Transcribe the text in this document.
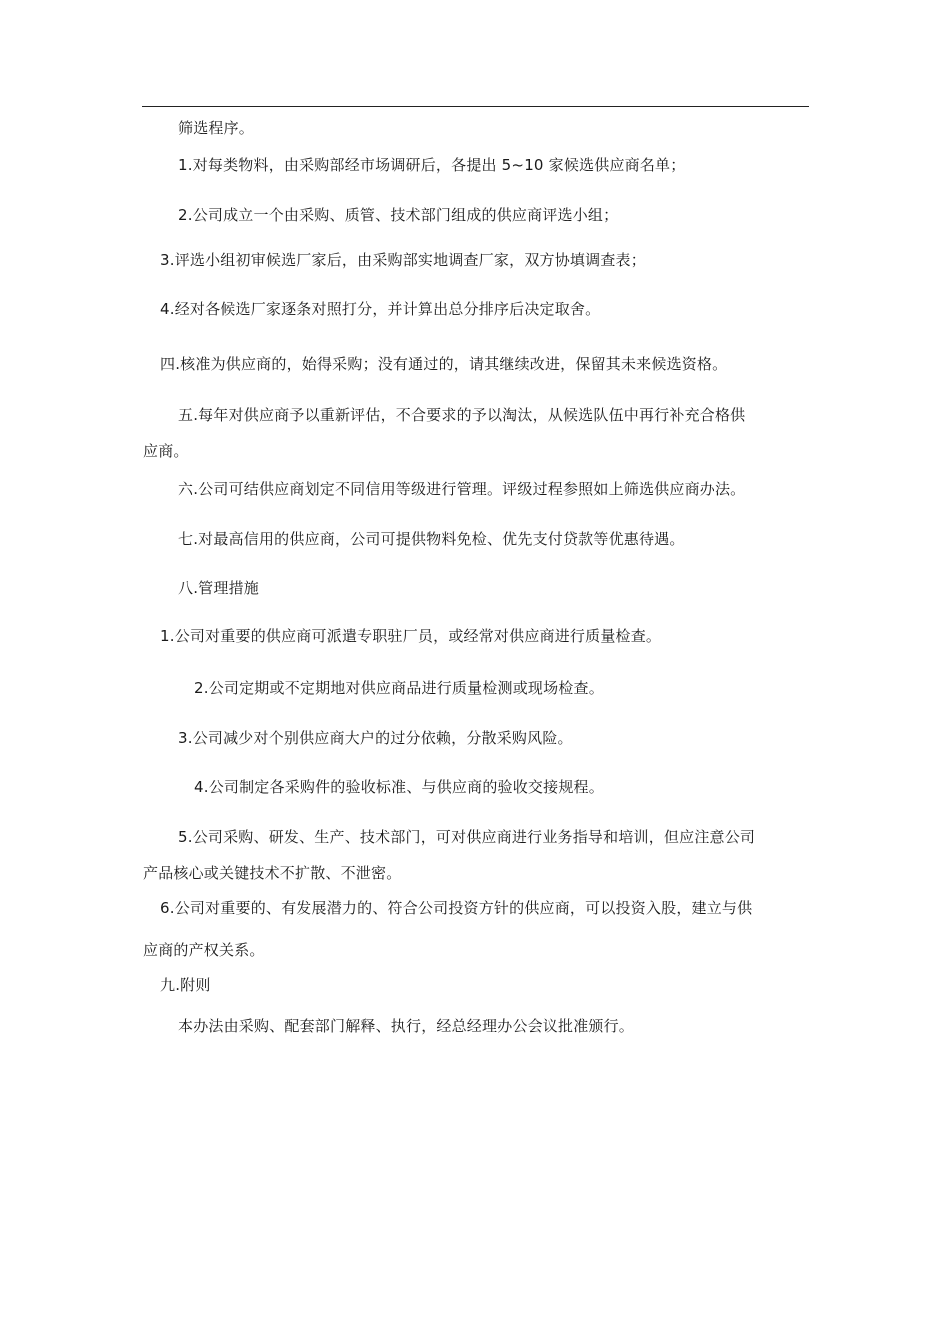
筛选程序。
1.对每类物料，由采购部经市场调研后，各提出 5~10 家候选供应商名单；
2.公司成立一个由采购、质管、技术部门组成的供应商评选小组；
3.评选小组初审候选厂家后，由采购部实地调查厂家，双方协填调查表；
4.经对各候选厂家逐条对照打分，并计算出总分排序后决定取舍。
四.核准为供应商的，始得采购；没有通过的，请其继续改进，保留其未来候选资格。
五.每年对供应商予以重新评估，不合要求的予以淘汰，从候选队伍中再行补充合格供
应商。
六.公司可结供应商划定不同信用等级进行管理。评级过程参照如上筛选供应商办法。
七.对最高信用的供应商，公司可提供物料免检、优先支付贷款等优惠待遇。
八.管理措施
1.公司对重要的供应商可派遣专职驻厂员，或经常对供应商进行质量检查。
2.公司定期或不定期地对供应商品进行质量检测或现场检查。
3.公司减少对个别供应商大户的过分依赖，分散采购风险。
4.公司制定各采购件的验收标准、与供应商的验收交接规程。
5.公司采购、研发、生产、技术部门，可对供应商进行业务指导和培训，但应注意公司
产品核心或关键技术不扩散、不泄密。
6.公司对重要的、有发展潜力的、符合公司投资方针的供应商，可以投资入股，建立与供
应商的产权关系。
九.附则
本办法由采购、配套部门解释、执行，经总经理办公会议批准颁行。
